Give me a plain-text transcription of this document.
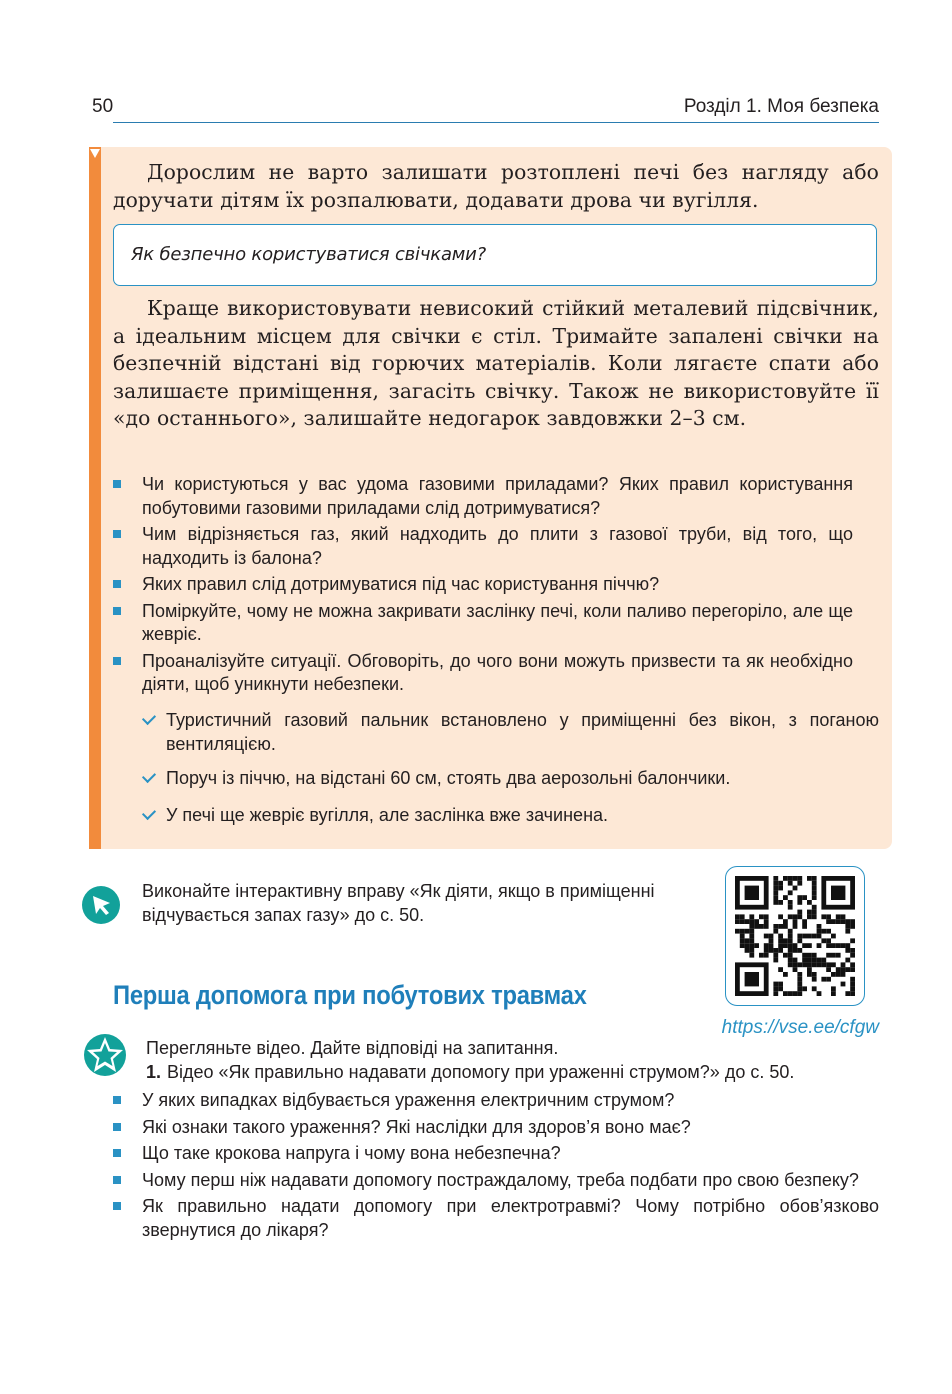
50	Розділ 1. Моя безпека

Дорослим не варто залишати розтоплені печі без нагляду або доручати дітям їх розпалювати, додавати дрова чи вугілля.

Як безпечно користуватися свічками?

Краще використовувати невисокий стійкий металевий підсвічник, а ідеальним місцем для свічки є стіл. Тримайте запалені свічки на безпечній відстані від горючих матеріалів. Коли лягаєте спати або залишаєте приміщення, загасіть свічку. Також не використовуйте її «до останнього», залишайте недогарок завдовжки 2–3 см.

Чи користуються у вас удома газовими приладами? Яких правил користування побутовими газовими приладами слід дотримуватися?
Чим відрізняється газ, який надходить до плити з газової труби, від того, що надходить із балона?
Яких правил слід дотримуватися під час користування піччю?
Поміркуйте, чому не можна закривати заслінку печі, коли паливо перегоріло, але ще жевріє.
Проаналізуйте ситуації. Обговоріть, до чого вони можуть призвести та як необхідно діяти, щоб уникнути небезпеки.
Туристичний газовий пальник встановлено у приміщенні без вікон, з поганою вентиляцією.
Поруч із піччю, на відстані 60 см, стоять два аерозольні балончики.
У печі ще жевріє вугілля, але заслінка вже зачинена.
Виконайте інтерактивну вправу «Як діяти, якщо в приміщенні відчувається запах газу» до с. 50.
https://vse.ee/cfgw
Перша допомога при побутових травмах
Перегляньте відео. Дайте відповіді на запитання.
1. Відео «Як правильно надавати допомогу при ураженні струмом?» до с. 50.
У яких випадках відбувається ураження електричним струмом?
Які ознаки такого ураження? Які наслідки для здоров’я воно має?
Що таке крокова напруга і чому вона небезпечна?
Чому перш ніж надавати допомогу постраждалому, треба подбати про свою безпеку?
Як правильно надати допомогу при електротравмі? Чому потрібно обов’язково звернутися до лікаря?
